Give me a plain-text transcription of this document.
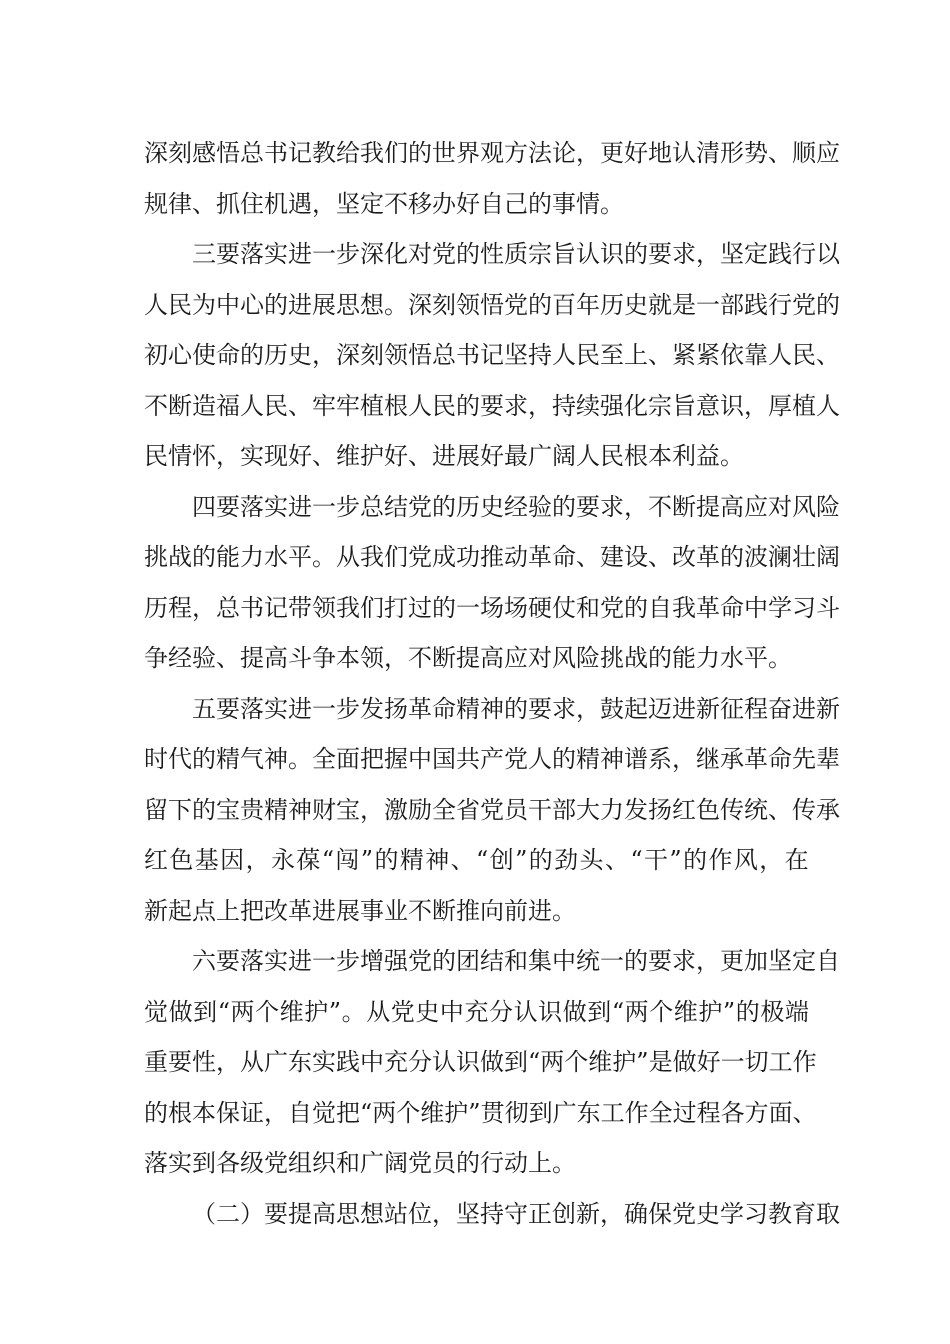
深 刻 感 悟 总 书 记 教 给 我 们 的 世 界 观 方 法 论 ， 更 好 地 认 清 形 势 、 顺 应
规律、抓住机遇，坚定不移办好自己的事情。
三 要 落 实 进 一 步 深 化 对 党 的 性 质 宗 旨 认 识 的 要 求 ， 坚 定 践 行 以
人 民 为 中 心 的 进 展 思 想 。 深 刻 领 悟 党 的 百 年 历 史 就 是 一 部 践 行 党 的
初 心 使 命 的 历 史 ， 深 刻 领 悟 总 书 记 坚 持 人 民 至 上 、 紧 紧 依 靠 人 民 、
不 断 造 福 人 民 、 牢 牢 植 根 人 民 的 要 求 ， 持 续 强 化 宗 旨 意 识 ， 厚 植 人
民情怀，实现好、维护好、进展好最广阔人民根本利益。
四 要 落 实 进 一 步 总 结 党 的 历 史 经 验 的 要 求 ， 不 断 提 高 应 对 风 险
挑 战 的 能 力 水 平 。 从 我 们 党 成 功 推 动 革 命 、 建 设 、 改 革 的 波 澜 壮 阔
历 程 ， 总 书 记 带 领 我 们 打 过 的 一 场 场 硬 仗 和 党 的 自 我 革 命 中 学 习 斗
争经验、提高斗争本领，不断提高应对风险挑战的能力水平。
五 要 落 实 进 一 步 发 扬 革 命 精 神 的 要 求 ， 鼓 起 迈 进 新 征 程 奋 进 新
时 代 的 精 气 神 。 全 面 把 握 中 国 共 产 党 人 的 精 神 谱 系 ， 继 承 革 命 先 辈
留 下 的 宝 贵 精 神 财 宝 ， 激 励 全 省 党 员 干 部 大 力 发 扬 红 色 传 统 、 传 承
红 色 基 因 ， 永 葆 “ 闯 ” 的 精 神 、 “ 创 ” 的 劲 头 、 “ 干 ” 的 作 风 ， 在
新起点上把改革进展事业不断推向前进。
六 要 落 实 进 一 步 增 强 党 的 团 结 和 集 中 统 一 的 要 求 ， 更 加 坚 定 自
觉 做 到 “ 两 个 维 护 ” 。 从 党 史 中 充 分 认 识 做 到 “ 两 个 维 护 ” 的 极 端
重 要 性 ， 从 广 东 实 践 中 充 分 认 识 做 到 “ 两 个 维 护 ” 是 做 好 一 切 工 作
的 根 本 保 证 ， 自 觉 把 “ 两 个 维 护 ” 贯 彻 到 广 东 工 作 全 过 程 各 方 面 、
落实到各级党组织和广阔党员的行动上。
（ 二 ） 要 提 高 思 想 站 位 ， 坚 持 守 正 创 新 ， 确 保 党 史 学 习 教 育 取
